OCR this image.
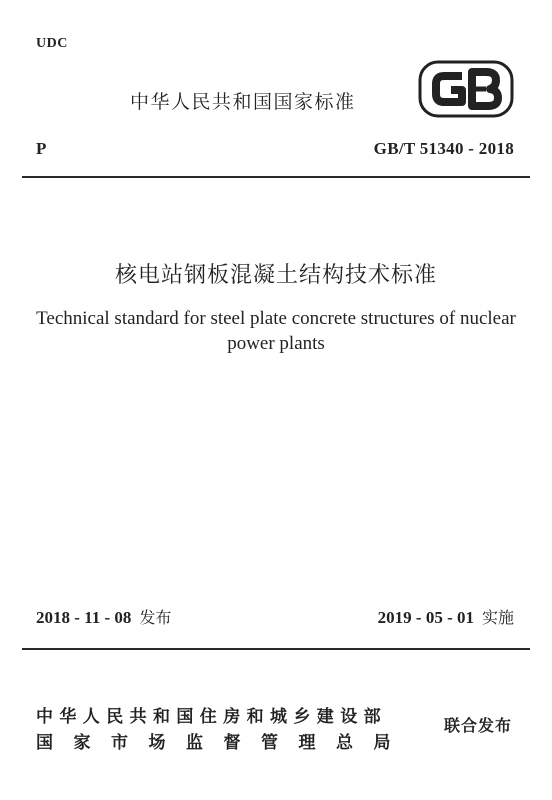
UDC
中华人民共和国国家标准
P	GB/T 51340 - 2018
核电站钢板混凝土结构技术标准
Technical standard for steel plate concrete structures of nuclear power plants
2018 - 11 - 08 发布	2019 - 05 - 01 实施
中华人民共和国住房和城乡建设部
国家市场监督管理总局
联合发布
